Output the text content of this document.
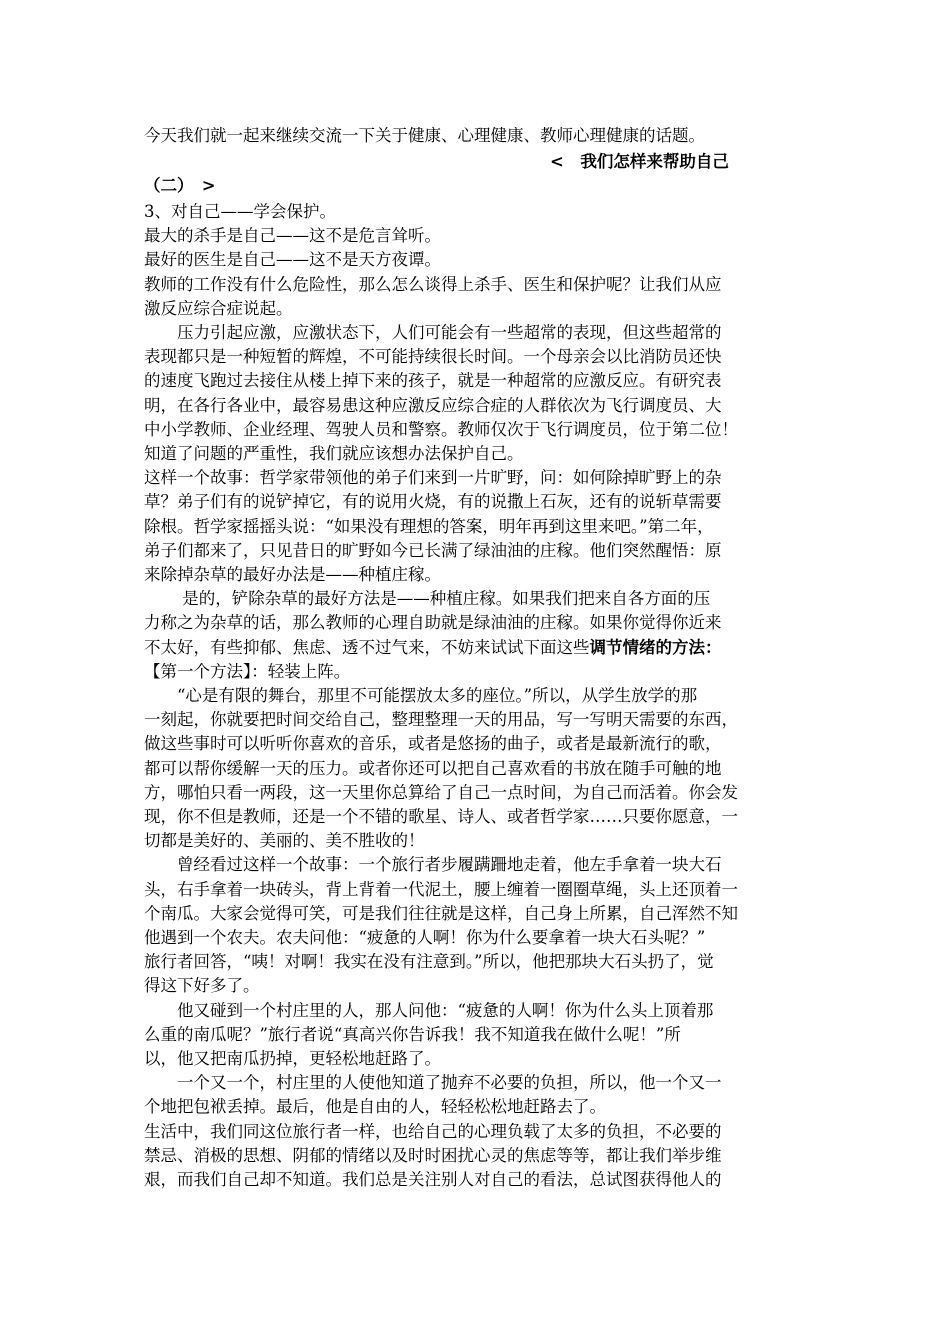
今天我们就一起来继续交流一下关于健康、心理健康、教师心理健康的话题。
<　我们怎样来帮助自己
（二）　>
3、对自己——学会保护。
最大的杀手是自己——这不是危言耸听。
最好的医生是自己——这不是天方夜谭。
教师的工作没有什么危险性，那么怎么谈得上杀手、医生和保护呢？让我们从应
激反应综合症说起。
　　压力引起应激，应激状态下，人们可能会有一些超常的表现，但这些超常的
表现都只是一种短暂的辉煌，不可能持续很长时间。一个母亲会以比消防员还快
的速度飞跑过去接住从楼上掉下来的孩子，就是一种超常的应激反应。有研究表
明，在各行各业中，最容易患这种应激反应综合症的人群依次为飞行调度员、大
中小学教师、企业经理、驾驶人员和警察。教师仅次于飞行调度员，位于第二位！
知道了问题的严重性，我们就应该想办法保护自己。
这样一个故事：哲学家带领他的弟子们来到一片旷野，问：如何除掉旷野上的杂
草？弟子们有的说铲掉它，有的说用火烧，有的说撒上石灰，还有的说斩草需要
除根。哲学家摇摇头说：“如果没有理想的答案，明年再到这里来吧。”第二年，
弟子们都来了，只见昔日的旷野如今已长满了绿油油的庄稼。他们突然醒悟：原
来除掉杂草的最好办法是——种植庄稼。
　　 是的，铲除杂草的最好方法是——种植庄稼。如果我们把来自各方面的压
力称之为杂草的话，那么教师的心理自助就是绿油油的庄稼。如果你觉得你近来
不太好，有些抑郁、焦虑、透不过气来，不妨来试试下面这些调节情绪的方法：
【第一个方法】：轻装上阵。
　　“心是有限的舞台，那里不可能摆放太多的座位。”所以，从学生放学的那
一刻起，你就要把时间交给自己，整理整理一天的用品，写一写明天需要的东西，
做这些事时可以听听你喜欢的音乐，或者是悠扬的曲子，或者是最新流行的歌，
都可以帮你缓解一天的压力。或者你还可以把自己喜欢看的书放在随手可触的地
方，哪怕只看一两段，这一天里你总算给了自己一点时间，为自己而活着。你会发
现，你不但是教师，还是一个不错的歌星、诗人、或者哲学家……只要你愿意，一
切都是美好的、美丽的、美不胜收的！
　　曾经看过这样一个故事：一个旅行者步履蹒跚地走着，他左手拿着一块大石
头，右手拿着一块砖头，背上背着一代泥土，腰上缠着一圈圈草绳，头上还顶着一
个南瓜。大家会觉得可笑，可是我们往往就是这样，自己身上所累，自己浑然不知
他遇到一个农夫。农夫问他：“疲惫的人啊！你为什么要拿着一块大石头呢？”
旅行者回答，“咦！对啊！我实在没有注意到。”所以，他把那块大石头扔了，觉
得这下好多了。
　　他又碰到一个村庄里的人，那人问他：“疲惫的人啊！你为什么头上顶着那
么重的南瓜呢？”旅行者说“真高兴你告诉我！我不知道我在做什么呢！”所
以，他又把南瓜扔掉，更轻松地赶路了。
　　一个又一个，村庄里的人使他知道了抛弃不必要的负担，所以，他一个又一
个地把包袱丢掉。最后，他是自由的人，轻轻松松地赶路去了。
生活中，我们同这位旅行者一样，也给自己的心理负载了太多的负担，不必要的
禁忌、消极的思想、阴郁的情绪以及时时困扰心灵的焦虑等等，都让我们举步维
艰，而我们自己却不知道。我们总是关注别人对自己的看法，总试图获得他人的
